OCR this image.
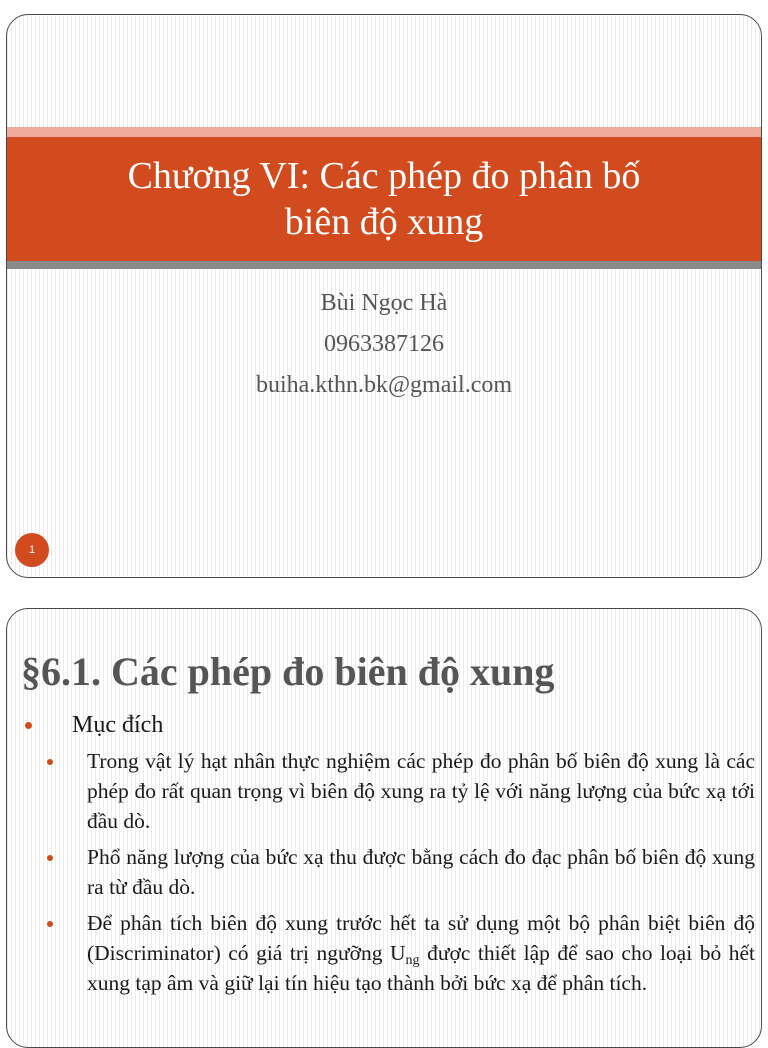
Chương VI: Các phép đo phân bố
biên độ xung
Bùi Ngọc Hà
0963387126
buiha.kthn.bk@gmail.com
1
§6.1. Các phép đo biên độ xung
Mục đích
Trong vật lý hạt nhân thực nghiệm các phép đo phân bố biên độ xung là các phép đo rất quan trọng vì biên độ xung ra tỷ lệ với năng lượng của bức xạ tới đầu dò.
Phổ năng lượng của bức xạ thu được bằng cách đo đạc phân bố biên độ xung ra từ đầu dò.
Để phân tích biên độ xung trước hết ta sử dụng một bộ phân biệt biên độ (Discriminator) có giá trị ngưỡng $U_{ng}$ được thiết lập để sao cho loại bỏ hết xung tạp âm và giữ lại tín hiệu tạo thành bởi bức xạ để phân tích.
